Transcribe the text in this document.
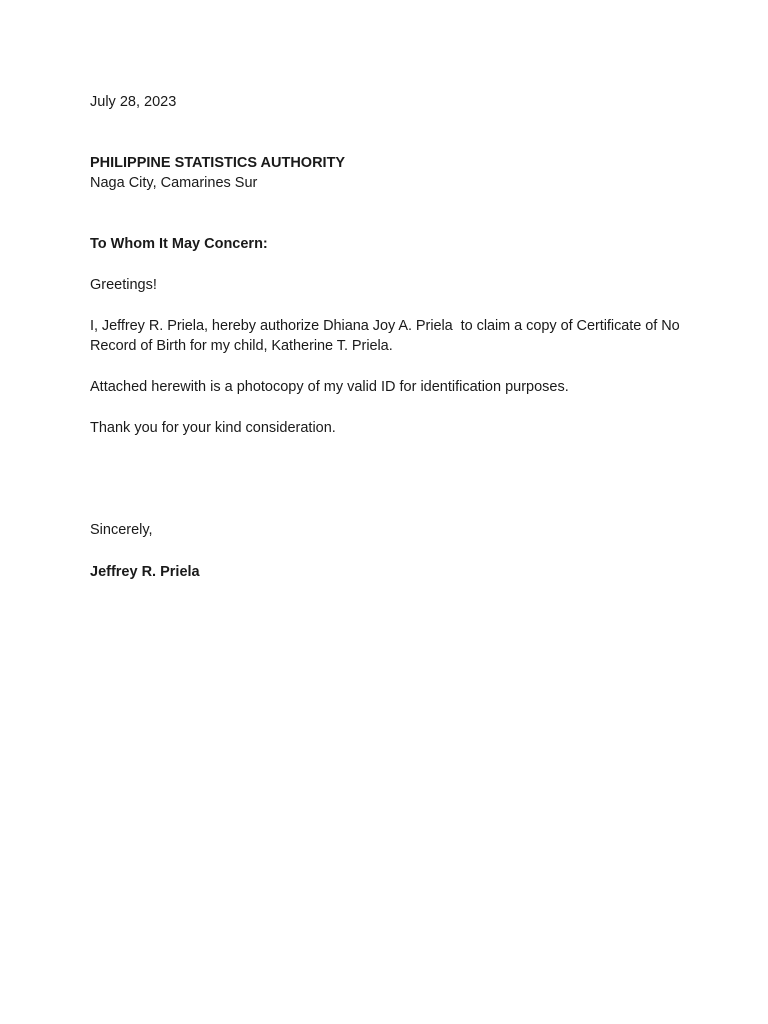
July 28, 2023

PHILIPPINE STATISTICS AUTHORITY

Naga City, Camarines Sur

To Whom It May Concern:

Greetings!

I, Jeffrey R. Priela, hereby authorize Dhiana Joy A. Priela  to claim a copy of Certificate of No Record of Birth for my child, Katherine T. Priela.

Attached herewith is a photocopy of my valid ID for identification purposes.

Thank you for your kind consideration.

Sincerely,

Jeffrey R. Priela
